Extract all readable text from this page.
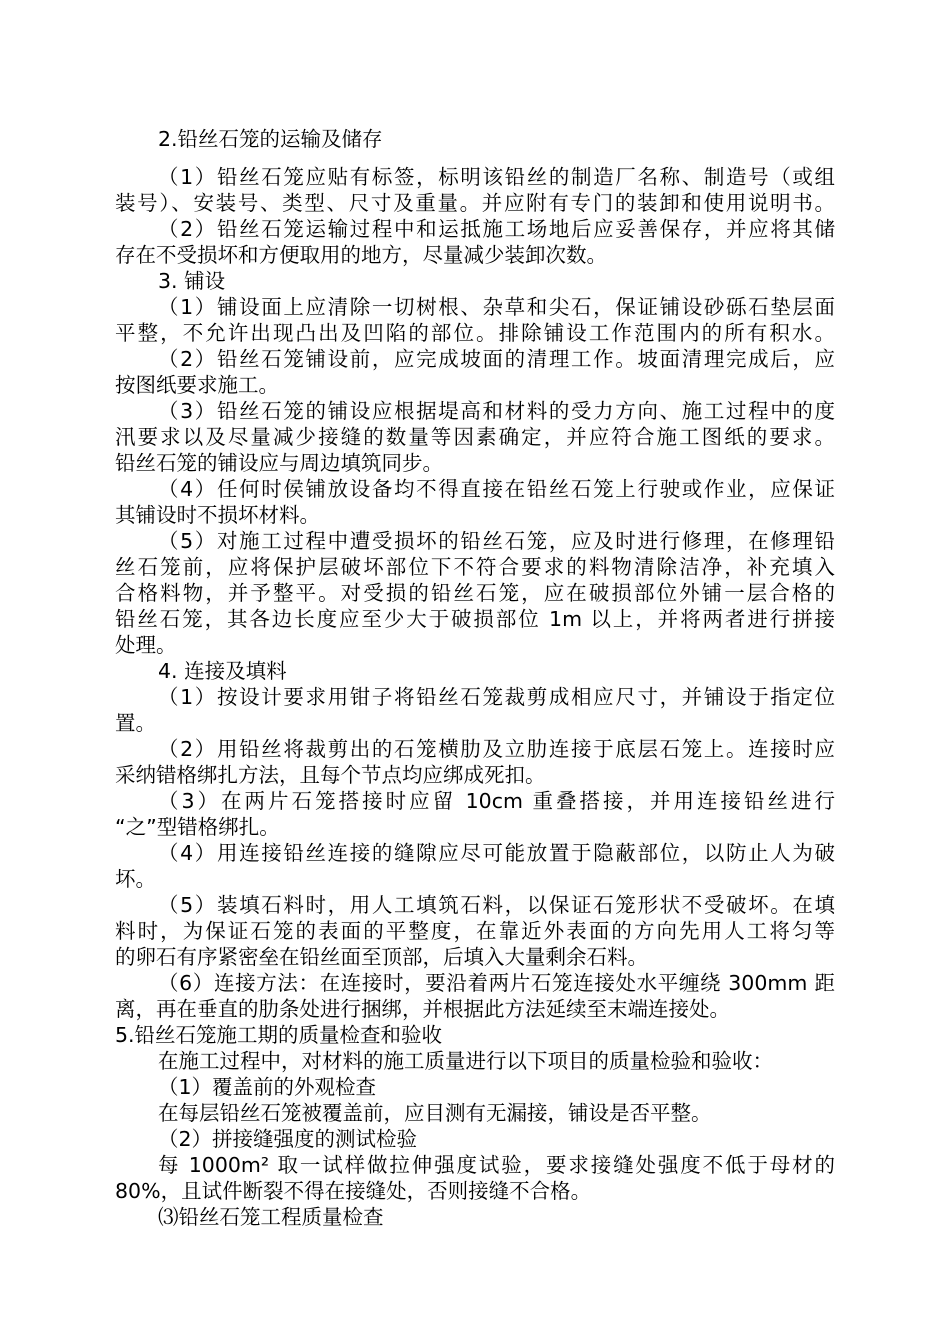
2.铅丝石笼的运输及储存
（1）铅丝石笼应贴有标签，标明该铅丝的制造厂名称、制造号（或组
装号）、安装号、类型、尺寸及重量。并应附有专门的装卸和使用说明书。
（2）铅丝石笼运输过程中和运抵施工场地后应妥善保存，并应将其储
存在不受损坏和方便取用的地方，尽量减少装卸次数。
3. 铺设
（1）铺设面上应清除一切树根、杂草和尖石，保证铺设砂砾石垫层面
平整，不允许出现凸出及凹陷的部位。排除铺设工作范围内的所有积水。
（2）铅丝石笼铺设前，应完成坡面的清理工作。坡面清理完成后，应
按图纸要求施工。
（3）铅丝石笼的铺设应根据堤高和材料的受力方向、施工过程中的度
汛要求以及尽量减少接缝的数量等因素确定，并应符合施工图纸的要求。
铅丝石笼的铺设应与周边填筑同步。
（4）任何时侯铺放设备均不得直接在铅丝石笼上行驶或作业，应保证
其铺设时不损坏材料。
（5）对施工过程中遭受损坏的铅丝石笼，应及时进行修理，在修理铅
丝石笼前，应将保护层破坏部位下不符合要求的料物清除洁净，补充填入
合格料物，并予整平。对受损的铅丝石笼，应在破损部位外铺一层合格的
铅丝石笼，其各边长度应至少大于破损部位 1m 以上，并将两者进行拼接
处理。
4. 连接及填料
（1）按设计要求用钳子将铅丝石笼裁剪成相应尺寸，并铺设于指定位
置。
（2）用铅丝将裁剪出的石笼横肋及立肋连接于底层石笼上。连接时应
采纳错格绑扎方法，且每个节点均应绑成死扣。
（3）在两片石笼搭接时应留 10cm 重叠搭接，并用连接铅丝进行
“之”型错格绑扎。
（4）用连接铅丝连接的缝隙应尽可能放置于隐蔽部位，以防止人为破
坏。
（5）装填石料时，用人工填筑石料，以保证石笼形状不受破坏。在填
料时，为保证石笼的表面的平整度，在靠近外表面的方向先用人工将匀等
的卵石有序紧密垒在铅丝面至顶部，后填入大量剩余石料。
（6）连接方法：在连接时，要沿着两片石笼连接处水平缠绕 300mm 距
离，再在垂直的肋条处进行捆绑，并根据此方法延续至末端连接处。
5.铅丝石笼施工期的质量检查和验收
在施工过程中，对材料的施工质量进行以下项目的质量检验和验收：
（1）覆盖前的外观检查
在每层铅丝石笼被覆盖前，应目测有无漏接，铺设是否平整。
（2）拼接缝强度的测试检验
每 1000m² 取一试样做拉伸强度试验，要求接缝处强度不低于母材的
80%，且试件断裂不得在接缝处，否则接缝不合格。
⑶铅丝石笼工程质量检查
